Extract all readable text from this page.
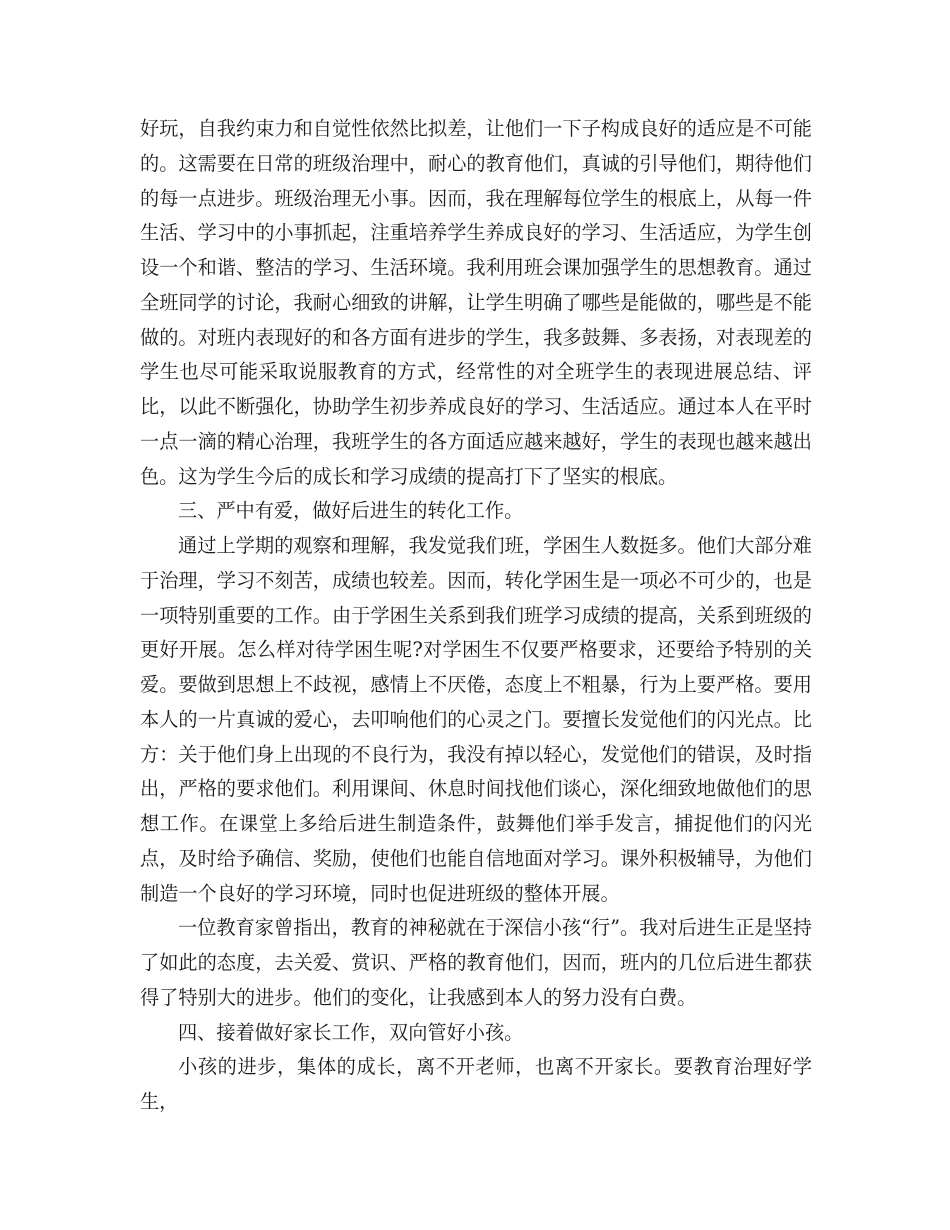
好玩，自我约束力和自觉性依然比拟差，让他们一下子构成良好的适应是不可能的。这需要在日常的班级治理中，耐心的教育他们，真诚的引导他们，期待他们的每一点进步。班级治理无小事。因而，我在理解每位学生的根底上，从每一件生活、学习中的小事抓起，注重培养学生养成良好的学习、生活适应，为学生创设一个和谐、整洁的学习、生活环境。我利用班会课加强学生的思想教育。通过全班同学的讨论，我耐心细致的讲解，让学生明确了哪些是能做的，哪些是不能做的。对班内表现好的和各方面有进步的学生，我多鼓舞、多表扬，对表现差的学生也尽可能采取说服教育的方式，经常性的对全班学生的表现进展总结、评比，以此不断强化，协助学生初步养成良好的学习、生活适应。通过本人在平时一点一滴的精心治理，我班学生的各方面适应越来越好，学生的表现也越来越出色。这为学生今后的成长和学习成绩的提高打下了坚实的根底。

三、严中有爱，做好后进生的转化工作。

通过上学期的观察和理解，我发觉我们班，学困生人数挺多。他们大部分难于治理，学习不刻苦，成绩也较差。因而，转化学困生是一项必不可少的，也是一项特别重要的工作。由于学困生关系到我们班学习成绩的提高，关系到班级的更好开展。怎么样对待学困生呢?对学困生不仅要严格要求，还要给予特别的关爱。要做到思想上不歧视，感情上不厌倦，态度上不粗暴，行为上要严格。要用本人的一片真诚的爱心，去叩响他们的心灵之门。要擅长发觉他们的闪光点。比方：关于他们身上出现的不良行为，我没有掉以轻心，发觉他们的错误，及时指出，严格的要求他们。利用课间、休息时间找他们谈心，深化细致地做他们的思想工作。在课堂上多给后进生制造条件，鼓舞他们举手发言，捕捉他们的闪光点，及时给予确信、奖励，使他们也能自信地面对学习。课外积极辅导，为他们制造一个良好的学习环境，同时也促进班级的整体开展。

一位教育家曾指出，教育的神秘就在于深信小孩“行”。我对后进生正是坚持了如此的态度，去关爱、赏识、严格的教育他们，因而，班内的几位后进生都获得了特别大的进步。他们的变化，让我感到本人的努力没有白费。

四、接着做好家长工作，双向管好小孩。

小孩的进步，集体的成长，离不开老师，也离不开家长。要教育治理好学生，
